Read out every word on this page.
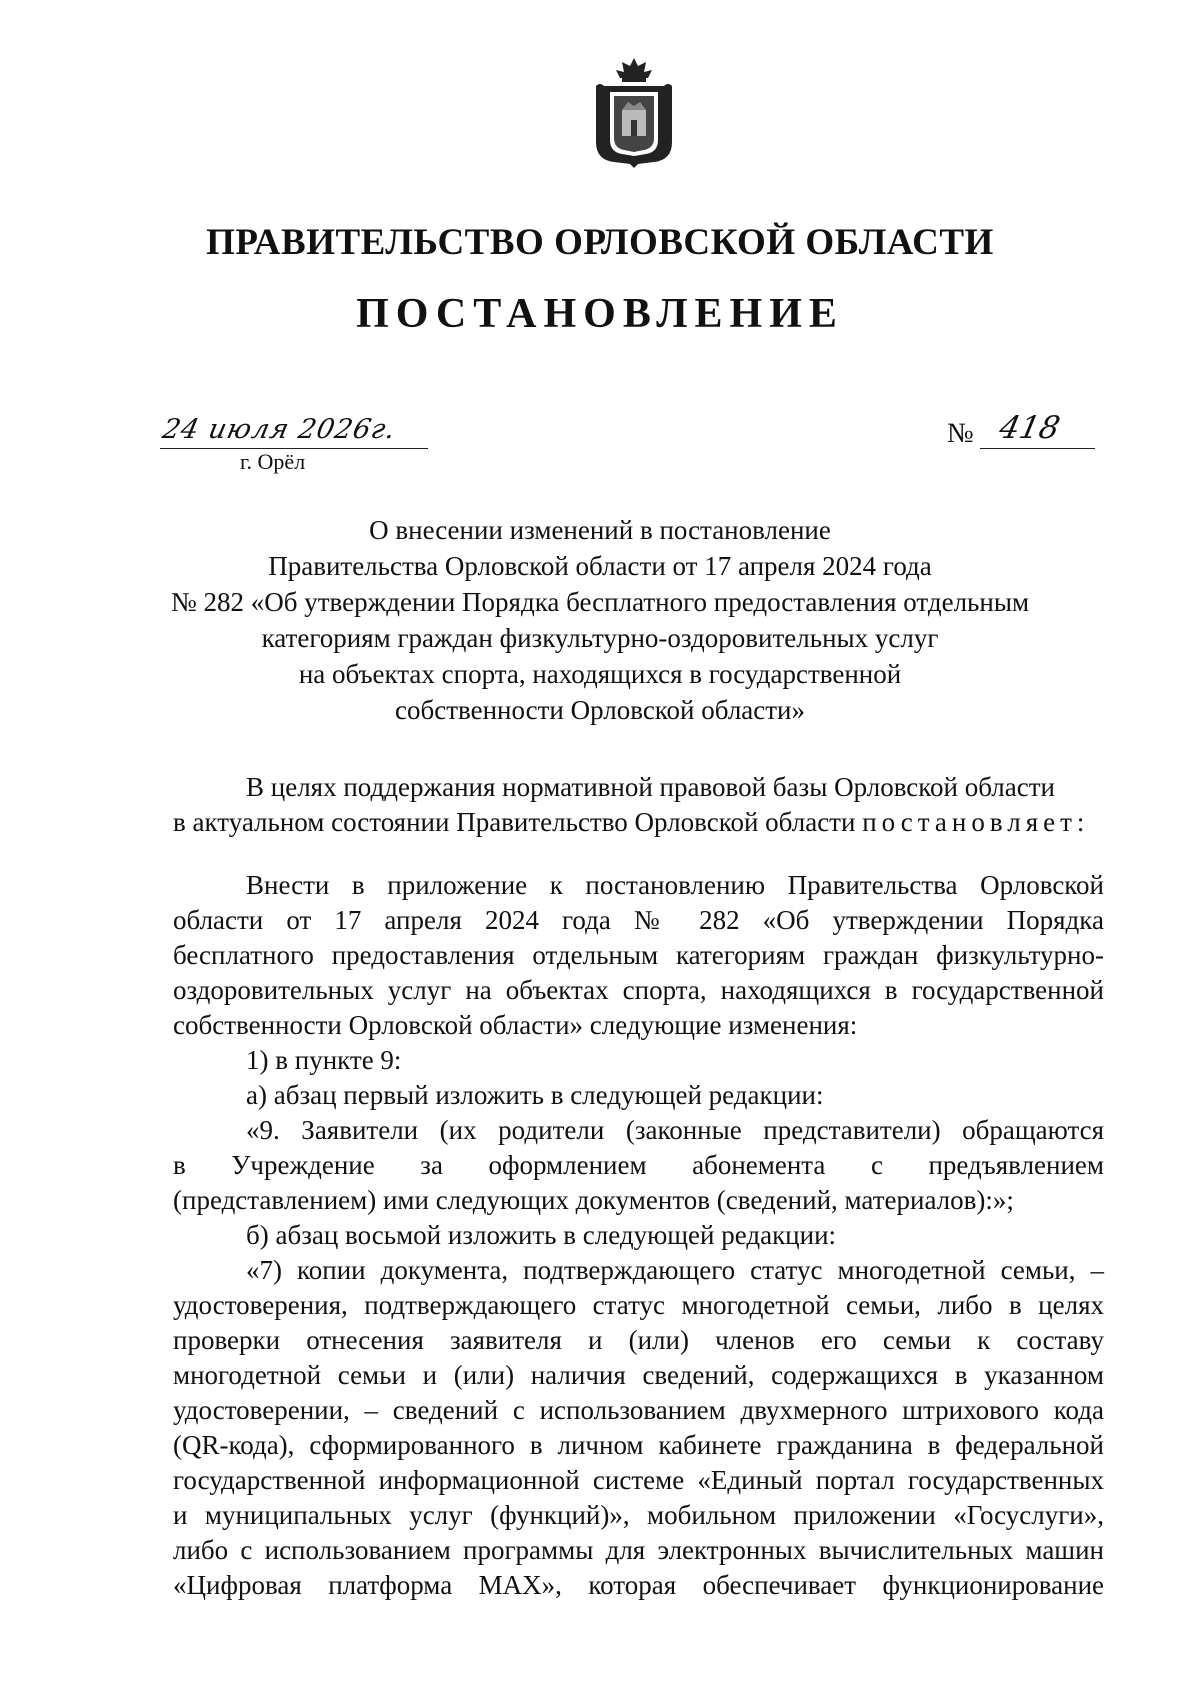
ПРАВИТЕЛЬСТВО ОРЛОВСКОЙ ОБЛАСТИ
ПОСТАНОВЛЕНИЕ
24 июля 2026г.
г. Орёл
№ 418
О внесении изменений в постановление
Правительства Орловской области от 17 апреля 2024 года
№ 282 «Об утверждении Порядка бесплатного предоставления отдельным
категориям граждан физкультурно-оздоровительных услуг
на объектах спорта, находящихся в государственной
собственности Орловской области»
В целях поддержания нормативной правовой базы Орловской области
в актуальном состоянии Правительство Орловской области постановляет:
Внести в приложение к постановлению Правительства Орловской
области от 17 апреля 2024 года № 282 «Об утверждении Порядка
бесплатного предоставления отдельным категориям граждан физкультурно-
оздоровительных услуг на объектах спорта, находящихся в государственной
собственности Орловской области» следующие изменения:
1) в пункте 9:
а) абзац первый изложить в следующей редакции:
«9. Заявители (их родители (законные представители) обращаются
в Учреждение за оформлением абонемента с предъявлением
(представлением) ими следующих документов (сведений, материалов):»;
б) абзац восьмой изложить в следующей редакции:
«7) копии документа, подтверждающего статус многодетной семьи, –
удостоверения, подтверждающего статус многодетной семьи, либо в целях
проверки отнесения заявителя и (или) членов его семьи к составу
многодетной семьи и (или) наличия сведений, содержащихся в указанном
удостоверении, – сведений с использованием двухмерного штрихового кода
(QR-кода), сформированного в личном кабинете гражданина в федеральной
государственной информационной системе «Единый портал государственных
и муниципальных услуг (функций)», мобильном приложении «Госуслуги»,
либо с использованием программы для электронных вычислительных машин
«Цифровая платформа MAX», которая обеспечивает функционирование
